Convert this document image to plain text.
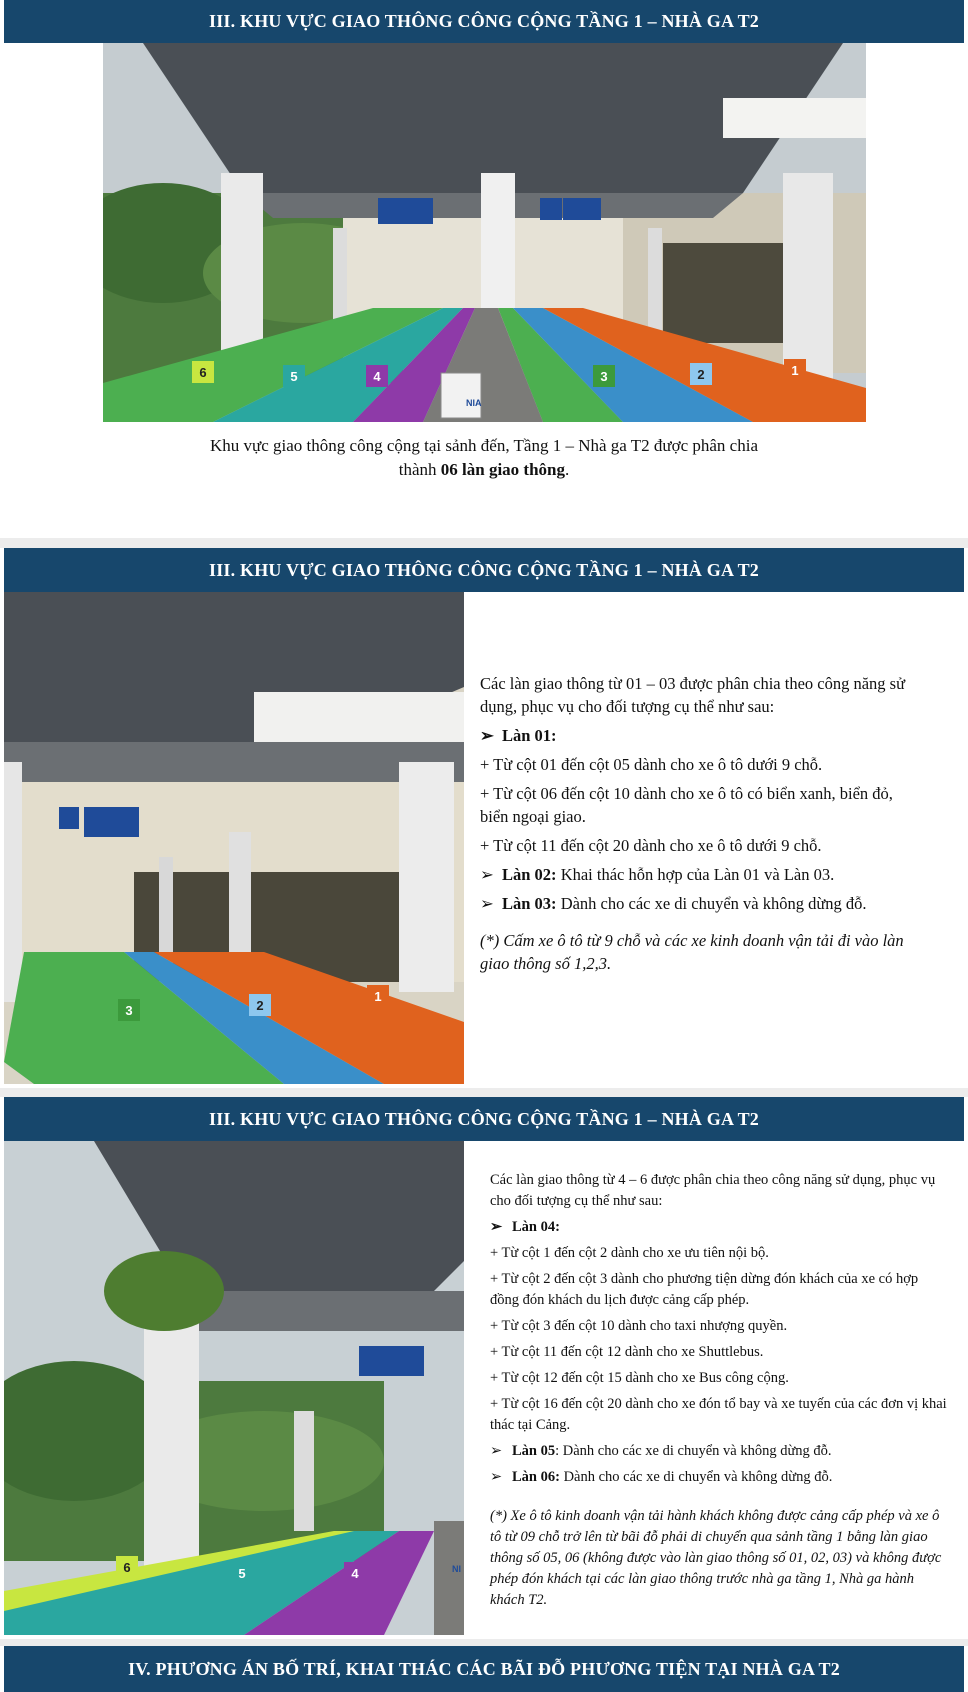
III. KHU VỰC GIAO THÔNG CÔNG CỘNG TẦNG 1 – NHÀ GA T2
6	5	4	3	2	1
NIA
Khu vực giao thông công cộng tại sảnh đến, Tầng 1 – Nhà ga T2 được phân chia
thành 06 làn giao thông.
III. KHU VỰC GIAO THÔNG CÔNG CỘNG TẦNG 1 – NHÀ GA T2
3	2
1

Các làn giao thông từ 01 – 03 được phân chia theo công năng sử dụng, phục vụ cho đối tượng cụ thể như sau:

➢ Làn 01:

+ Từ cột 01 đến cột 05 dành cho xe ô tô dưới 9 chỗ.

+ Từ cột 06 đến cột 10 dành cho xe ô tô có biển xanh, biển đỏ, biển ngoại giao.

+ Từ cột 11 đến cột 20 dành cho xe ô tô dưới 9 chỗ.

➢ Làn 02: Khai thác hỗn hợp của Làn 01 và Làn 03.

➢ Làn 03: Dành cho các xe di chuyển và không dừng đỗ.

(*) Cấm xe ô tô từ 9 chỗ và các xe kinh doanh vận tải đi vào làn giao thông số 1,2,3.

III. KHU VỰC GIAO THÔNG CÔNG CỘNG TẦNG 1 – NHÀ GA T2
6	5	4	NI

Các làn giao thông từ 4 – 6 được phân chia theo công năng sử dụng, phục vụ cho đối tượng cụ thể như sau:

➢ Làn 04:

+ Từ cột 1 đến cột 2 dành cho xe ưu tiên nội bộ.

+ Từ cột 2 đến cột 3 dành cho phương tiện dừng đón khách của xe có hợp đồng đón khách du lịch được cảng cấp phép.

+ Từ cột 3 đến cột 10 dành cho taxi nhượng quyền.

+ Từ cột 11 đến cột 12 dành cho xe Shuttlebus.

+ Từ cột 12 đến cột 15 dành cho xe Bus công cộng.

+ Từ cột 16 đến cột 20 dành cho xe đón tổ bay và xe tuyến của các đơn vị khai thác tại Cảng.

➢ Làn 05: Dành cho các xe di chuyển và không dừng đỗ.

➢ Làn 06: Dành cho các xe di chuyển và không dừng đỗ.

(*) Xe ô tô kinh doanh vận tải hành khách không được cảng cấp phép và xe ô tô từ 09 chỗ trở lên từ bãi đỗ phải di chuyển qua sảnh tầng 1 bằng làn giao thông số 05, 06 (không được vào làn giao thông số 01, 02, 03) và không được phép đón khách tại các làn giao thông trước nhà ga tầng 1, Nhà ga hành khách T2.

IV. PHƯƠNG ÁN BỐ TRÍ, KHAI THÁC CÁC BÃI ĐỖ PHƯƠNG TIỆN TẠI NHÀ GA T2
